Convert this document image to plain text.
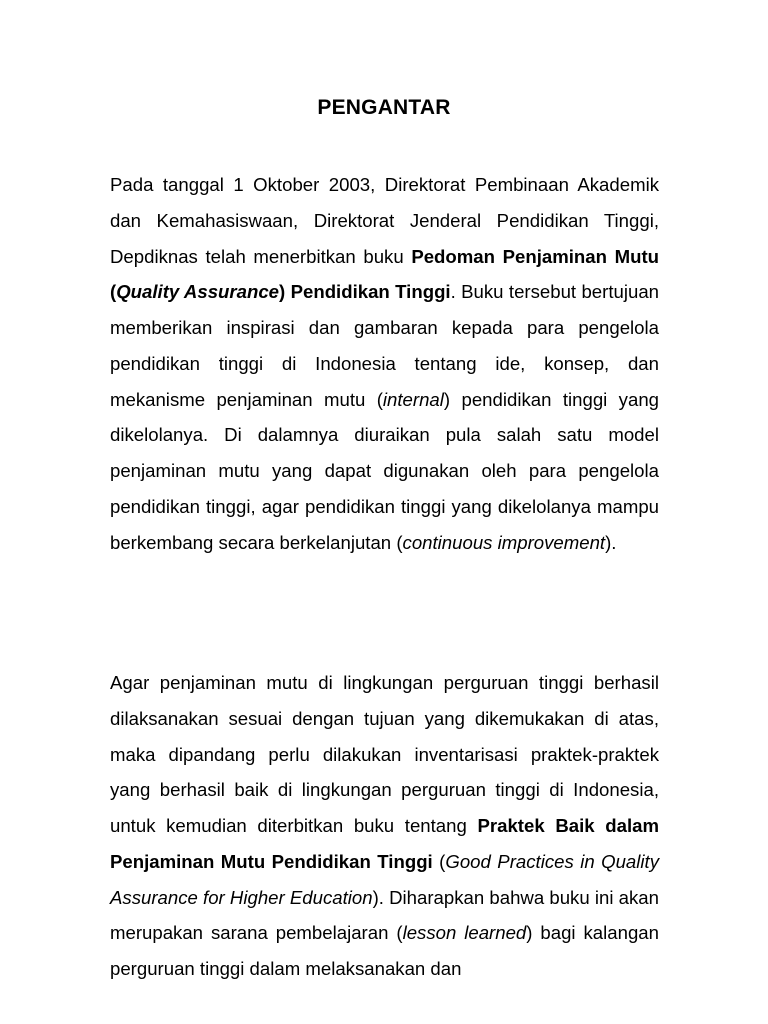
PENGANTAR

Pada tanggal 1 Oktober 2003, Direktorat Pembinaan Akademik dan Kemahasiswaan, Direktorat Jenderal Pendidikan Tinggi, Depdiknas telah menerbitkan buku Pedoman Penjaminan Mutu (Quality Assurance) Pendidikan Tinggi. Buku tersebut bertujuan memberikan inspirasi dan gambaran kepada para pengelola pendidikan tinggi di Indonesia tentang ide, konsep, dan mekanisme penjaminan mutu (internal) pendidikan tinggi yang dikelolanya. Di dalamnya diuraikan pula salah satu model penjaminan mutu yang dapat digunakan oleh para pengelola pendidikan tinggi, agar pendidikan tinggi yang dikelolanya mampu berkembang secara berkelanjutan (continuous improvement).

Agar penjaminan mutu di lingkungan perguruan tinggi berhasil dilaksanakan sesuai dengan tujuan yang dikemukakan di atas, maka dipandang perlu dilakukan inventarisasi praktek-praktek yang berhasil baik di lingkungan perguruan tinggi di Indonesia, untuk kemudian diterbitkan buku tentang Praktek Baik dalam Penjaminan Mutu Pendidikan Tinggi (Good Practices in Quality Assurance for Higher Education). Diharapkan bahwa buku ini akan merupakan sarana pembelajaran (lesson learned) bagi kalangan perguruan tinggi dalam melaksanakan dan
